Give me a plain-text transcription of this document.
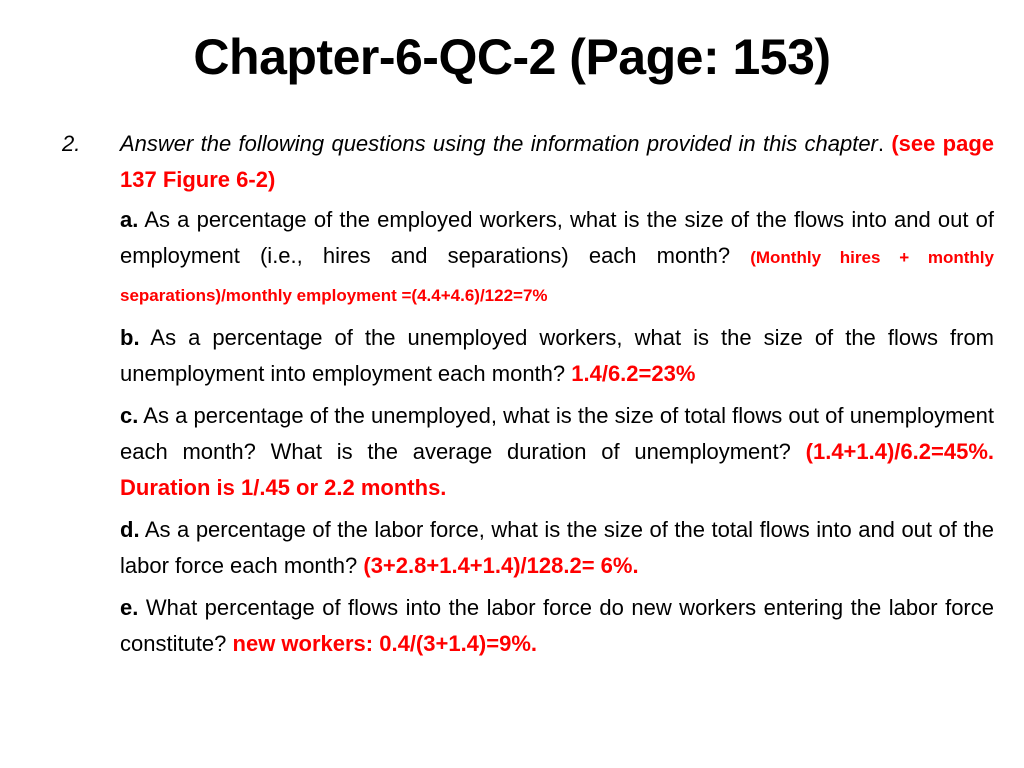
Chapter-6-QC-2 (Page: 153)
2. Answer the following questions using the information provided in this chapter. (see page 137 Figure 6-2)

a. As a percentage of the employed workers, what is the size of the flows into and out of employment (i.e., hires and separations) each month? (Monthly hires + monthly separations)/monthly employment =(4.4+4.6)/122=7%

b. As a percentage of the unemployed workers, what is the size of the flows from unemployment into employment each month? 1.4/6.2=23%

c. As a percentage of the unemployed, what is the size of total flows out of unemployment each month? What is the average duration of unemployment? (1.4+1.4)/6.2=45%. Duration is 1/.45 or 2.2 months.

d. As a percentage of the labor force, what is the size of the total flows into and out of the labor force each month? (3+2.8+1.4+1.4)/128.2= 6%.

e. What percentage of flows into the labor force do new workers entering the labor force constitute? new workers: 0.4/(3+1.4)=9%.
